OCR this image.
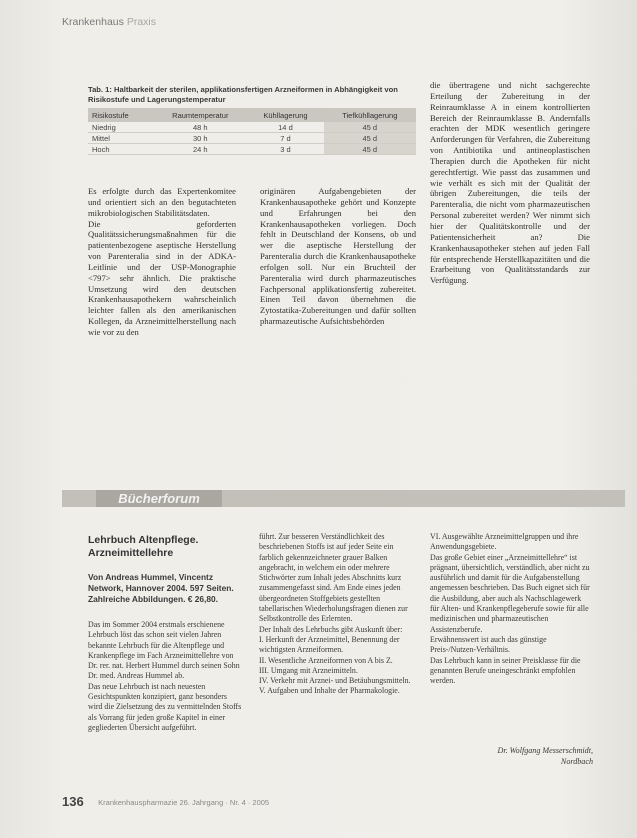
Krankenhaus Praxis
Tab. 1: Haltbarkeit der sterilen, applikationsfertigen Arzneiformen in Abhängigkeit von Risikostufe und Lagerungstemperatur
Risikostufe	Raumtemperatur	Kühllagerung	Tiefkühllagerung
Niedrig	48 h	14 d	45 d
Mittel	30 h	7 d	45 d
Hoch	24 h	3 d	45 d

Es erfolgte durch das Expertenkomitee und orientiert sich an den begutachteten mikrobiologischen Stabilitätsdaten.

Die geforderten Qualitätssicherungsmaßnahmen für die patientenbezogene aseptische Herstellung von Parenteralia sind in der ADKA-Leitlinie und der USP-Monographie <797> sehr ähnlich. Die praktische Umsetzung wird den deutschen Krankenhausapothekern wahrscheinlich leichter fallen als den amerikanischen Kollegen, da Arzneimittelherstellung nach wie vor zu den

originären Aufgabengebieten der Krankenhausapotheke gehört und Konzepte und Erfahrungen bei den Krankenhausapotheken vorliegen. Doch fehlt in Deutschland der Konsens, ob und wer die aseptische Herstellung der Parenteralia durch die Krankenhausapotheke erfolgen soll. Nur ein Bruchteil der Parenteralia wird durch pharmazeutisches Fachpersonal applikationsfertig zubereitet. Einen Teil davon übernehmen die Zytostatika-Zubereitungen und dafür sollten pharmazeutische Aufsichtsbehörden

die übertragene und nicht sachgerechte Erteilung der Zubereitung in der Reinraumklasse A in einem kontrollierten Bereich der Reinraumklasse B. Andernfalls erachten der MDK wesentlich geringere Anforderungen für Verfahren, die Zubereitung von Antibiotika und antineoplastischen Therapien durch die Apotheken für nicht gerechtfertigt. Wie passt das zusammen und wie verhält es sich mit der Qualität der übrigen Zubereitungen, die teils der Parenteralia, die nicht vom pharmazeutischen Personal zubereitet werden? Wer nimmt sich hier der Qualitätskontrolle und der Patientensicherheit an? Die Krankenhausapotheker stehen auf jeden Fall für entsprechende Herstellkapazitäten und die Erarbeitung von Qualitätsstandards zur Verfügung.

Bücherforum
Lehrbuch Altenpflege. Arzneimittellehre
Von Andreas Hummel, Vincentz Network, Hannover 2004. 597 Seiten. Zahlreiche Abbildungen. € 26,80.

Das im Sommer 2004 erstmals erschienene Lehrbuch löst das schon seit vielen Jahren bekannte Lehrbuch für die Altenpflege und Krankenpflege im Fach Arzneimittellehre von Dr. rer. nat. Herbert Hummel durch seinen Sohn Dr. med. Andreas Hummel ab.

Das neue Lehrbuch ist nach neuesten Gesichtspunkten konzipiert, ganz besonders wird die Zielsetzung des zu vermittelnden Stoffs als Vorrang für jeden große Kapitel in einer gegliederten Übersicht aufgeführt.

führt. Zur besseren Verständlichkeit des beschriebenen Stoffs ist auf jeder Seite ein farblich gekennzeichneter grauer Balken angebracht, in welchem ein oder mehrere Stichwörter zum Inhalt jedes Abschnitts kurz zusammengefasst sind. Am Ende eines jeden übergeordneten Stoffgebiets gestellten tabellarischen Wiederholungsfragen dienen zur Selbstkontrolle des Erlernten.

Der Inhalt des Lehrbuchs gibt Auskunft über:

I. Herkunft der Arzneimittel, Benennung der wichtigsten Arzneiformen.

II. Wesentliche Arzneiformen von A bis Z.

III. Umgang mit Arzneimitteln.

IV. Verkehr mit Arznei- und Betäubungsmitteln.

V. Aufgaben und Inhalte der Pharmakologie.

VI. Ausgewählte Arzneimittelgruppen und ihre Anwendungsgebiete.

Das große Gebiet einer „Arzneimittellehre“ ist prägnant, übersichtlich, verständlich, aber nicht zu ausführlich und damit für die Aufgabenstellung angemessen beschrieben. Das Buch eignet sich für die Ausbildung, aber auch als Nachschlagewerk für Alten- und Krankenpflegeberufe sowie für alle medizinischen und pharmazeutischen Assistenzberufe.

Erwähnenswert ist auch das günstige Preis-/Nutzen-Verhältnis.

Das Lehrbuch kann in seiner Preisklasse für die genannten Berufe uneingeschränkt empfohlen werden.

Dr. Wolfgang Messerschmidt,
Nordbach
136 Krankenhauspharmazie 26. Jahrgang · Nr. 4 · 2005
